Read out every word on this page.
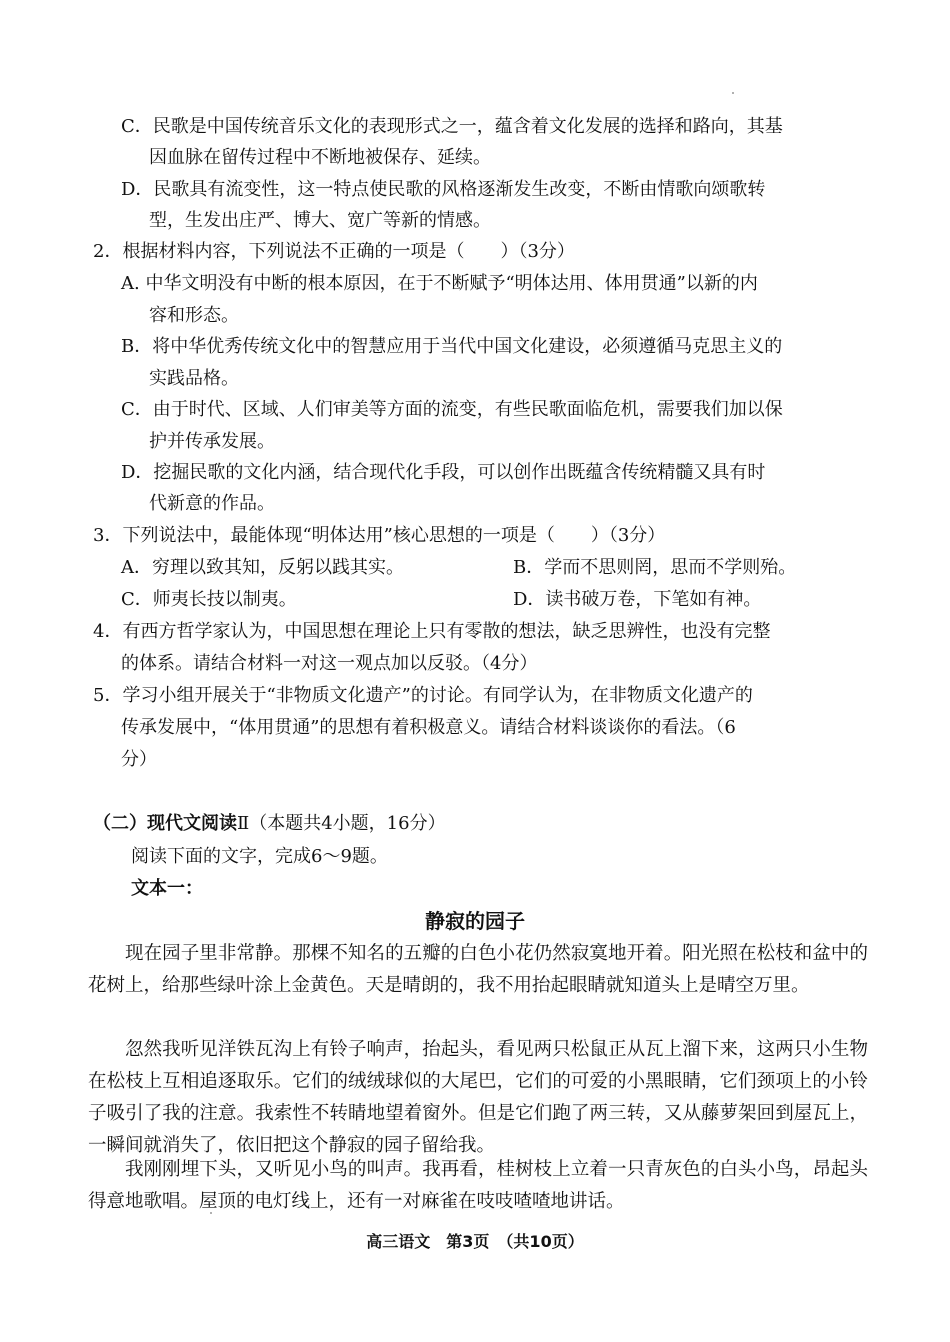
C．民歌是中国传统音乐文化的表现形式之一，蕴含着文化发展的选择和路向，其基
因血脉在留传过程中不断地被保存、延续。
D．民歌具有流变性，这一特点使民歌的风格逐渐发生改变，不断由情歌向颂歌转
型，生发出庄严、博大、宽广等新的情感。
2．根据材料内容，下列说法不正确的一项是（　　）（3分）
A. 中华文明没有中断的根本原因，在于不断赋予“明体达用、体用贯通”以新的内
容和形态。
B．将中华优秀传统文化中的智慧应用于当代中国文化建设，必须遵循马克思主义的
实践品格。
C．由于时代、区域、人们审美等方面的流变，有些民歌面临危机，需要我们加以保
护并传承发展。
D．挖掘民歌的文化内涵，结合现代化手段，可以创作出既蕴含传统精髓又具有时
代新意的作品。
3．下列说法中，最能体现“明体达用”核心思想的一项是（　　）（3分）
A．穷理以致其知，反躬以践其实。	B．学而不思则罔，思而不学则殆。
C．师夷长技以制夷。	D．读书破万卷，下笔如有神。
4．有西方哲学家认为，中国思想在理论上只有零散的想法，缺乏思辨性，也没有完整
的体系。请结合材料一对这一观点加以反驳。（4分）
5．学习小组开展关于“非物质文化遗产”的讨论。有同学认为，在非物质文化遗产的
传承发展中，“体用贯通”的思想有着积极意义。请结合材料谈谈你的看法。（6
分）
（二）现代文阅读Ⅱ（本题共4小题，16分）
阅读下面的文字，完成6～9题。
文本一：
静寂的园子
现在园子里非常静。那棵不知名的五瓣的白色小花仍然寂寞地开着。阳光照在松枝和盆中的花树上，给那些绿叶涂上金黄色。天是晴朗的，我不用抬起眼睛就知道头上是晴空万里。
忽然我听见洋铁瓦沟上有铃子响声，抬起头，看见两只松鼠正从瓦上溜下来，这两只小生物在松枝上互相追逐取乐。它们的绒绒球似的大尾巴，它们的可爱的小黑眼睛，它们颈项上的小铃子吸引了我的注意。我索性不转睛地望着窗外。但是它们跑了两三转，又从藤萝架回到屋瓦上，一瞬间就消失了，依旧把这个静寂的园子留给我。
我刚刚埋下头，又听见小鸟的叫声。我再看，桂树枝上立着一只青灰色的白头小鸟，昂起头得意地歌唱。屋顶的电灯线上，还有一对麻雀在吱吱喳喳地讲话。
高三语文　第3页　（共10页）
